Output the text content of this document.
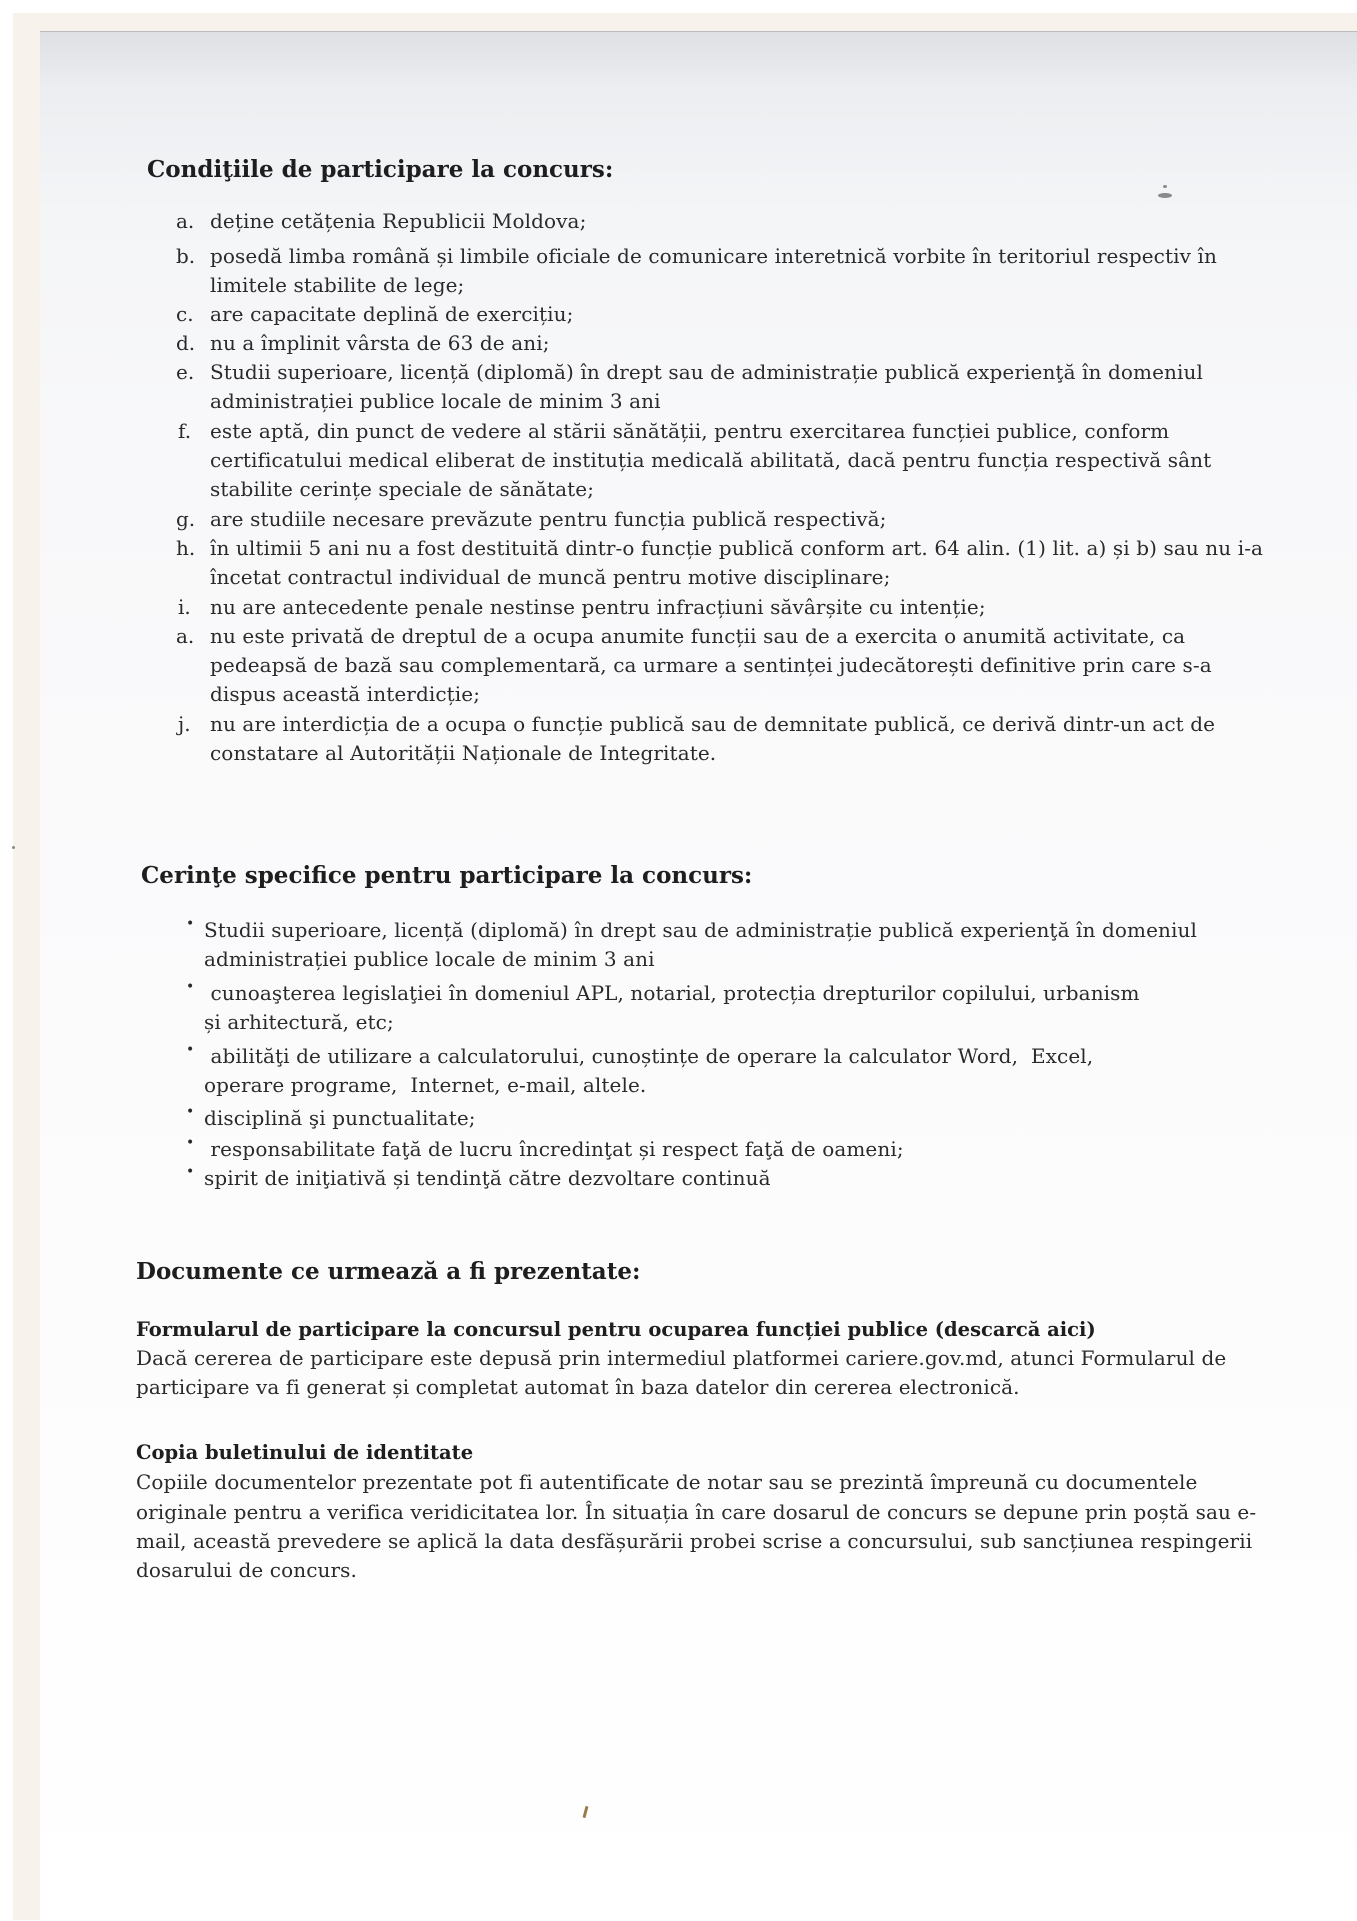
Condiţiile de participare la concurs:
a. deține cetățenia Republicii Moldova;
b. posedă limba română și limbile oficiale de comunicare interetnică vorbite în teritoriul respectiv în
limitele stabilite de lege;
c. are capacitate deplină de exercițiu;
d. nu a împlinit vârsta de 63 de ani;
e. Studii superioare, licență (diplomă) în drept sau de administrație publică experienţă în domeniul
administrației publice locale de minim 3 ani
f. este aptă, din punct de vedere al stării sănătății, pentru exercitarea funcției publice, conform
certificatului medical eliberat de instituția medicală abilitată, dacă pentru funcția respectivă sânt
stabilite cerințe speciale de sănătate;
g. are studiile necesare prevăzute pentru funcția publică respectivă;
h. în ultimii 5 ani nu a fost destituită dintr-o funcție publică conform art. 64 alin. (1) lit. a) și b) sau nu i-a
încetat contractul individual de muncă pentru motive disciplinare;
i. nu are antecedente penale nestinse pentru infracțiuni săvârșite cu intenție;
a. nu este privată de dreptul de a ocupa anumite funcții sau de a exercita o anumită activitate, ca
pedeapsă de bază sau complementară, ca urmare a sentinței judecătorești definitive prin care s-a
dispus această interdicție;
j. nu are interdicția de a ocupa o funcție publică sau de demnitate publică, ce derivă dintr-un act de
constatare al Autorității Naționale de Integritate.
Cerinţe specifice pentru participare la concurs:
• Studii superioare, licență (diplomă) în drept sau de administrație publică experienţă în domeniul
administrației publice locale de minim 3 ani
• cunoaşterea legislaţiei în domeniul APL, notarial, protecția drepturilor copilului, urbanism
și arhitectură, etc;
• abilităţi de utilizare a calculatorului, cunoștințe de operare la calculator Word,  Excel,
operare programe,  Internet, e-mail, altele.
• disciplină şi punctualitate;
• responsabilitate faţă de lucru încredinţat și respect faţă de oameni;
• spirit de iniţiativă și tendinţă către dezvoltare continuă
Documente ce urmează a fi prezentate:
Formularul de participare la concursul pentru ocuparea funcției publice (descarcă aici)
Dacă cererea de participare este depusă prin intermediul platformei cariere.gov.md, atunci Formularul de
participare va fi generat și completat automat în baza datelor din cererea electronică.
Copia buletinului de identitate
Copiile documentelor prezentate pot fi autentificate de notar sau se prezintă împreună cu documentele
originale pentru a verifica veridicitatea lor. În situația în care dosarul de concurs se depune prin poștă sau e-
mail, această prevedere se aplică la data desfășurării probei scrise a concursului, sub sancțiunea respingerii
dosarului de concurs.
